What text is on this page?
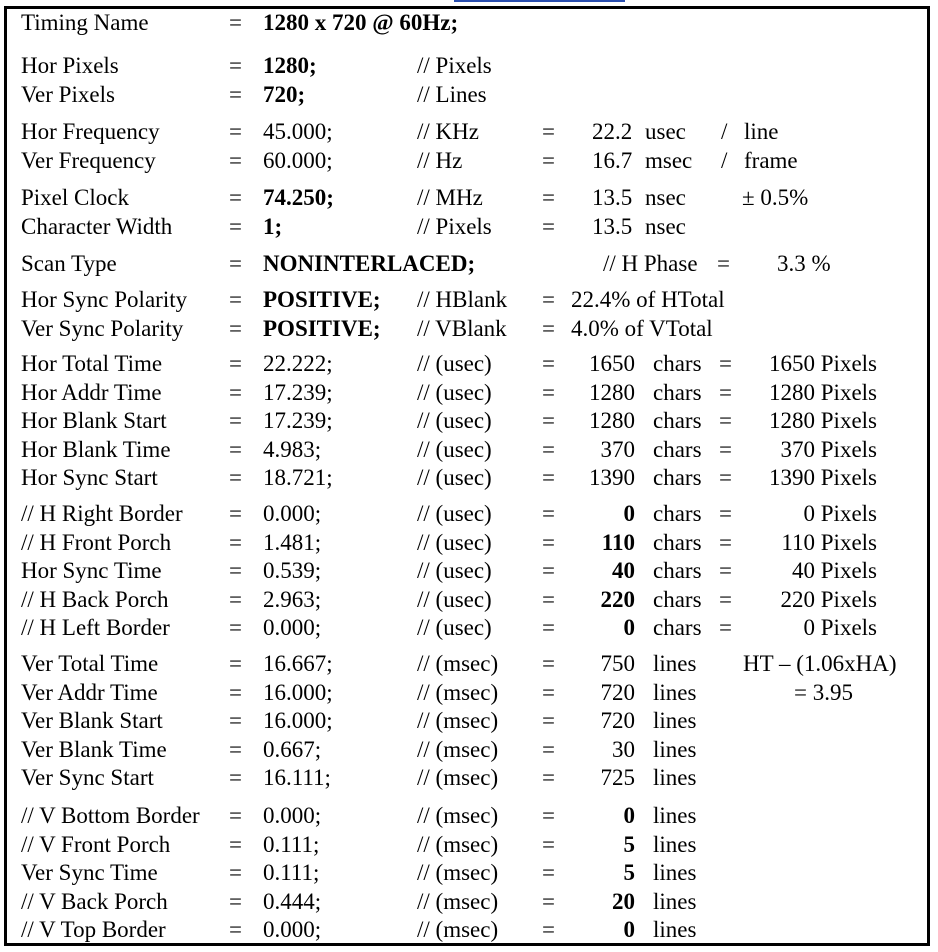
Timing Name	= 1280 x 720 @ 60Hz;
Hor Pixels	= 1280;	// Pixels
Ver Pixels	= 720;	// Lines
Hor Frequency	= 45.000;	// KHz	= 22.2 usec / line
Ver Frequency	= 60.000;	// Hz	= 16.7 msec / frame
Pixel Clock	= 74.250;	// MHz	= 13.5 nsec ± 0.5%
Character Width = 1;	// Pixels = 13.5 nsec
Scan Type	= NONINTERLACED;	// H Phase = 3.3 %
Hor Sync Polarity = POSITIVE; // HBlank = 22.4% of HTotal
Ver Sync Polarity = POSITIVE; // VBlank = 4.0% of VTotal
Hor Total Time	= 22.222;	// (usec) =	1650 chars =	1650 Pixels
Hor Addr Time	= 17.239;	// (usec) =	1280 chars =	1280 Pixels
Hor Blank Start	= 17.239;	// (usec) =	1280 chars =	1280 Pixels
Hor Blank Time	= 4.983;	// (usec) =	370 chars =	370 Pixels
Hor Sync Start	= 18.721;	// (usec) =	1390 chars =	1390 Pixels
// H Right Border = 0.000;	// (usec) =	0 chars =	0 Pixels
// H Front Porch	= 1.481;	// (usec) =	110 chars =	110 Pixels
Hor Sync Time	= 0.539;	// (usec) =	40 chars =	40 Pixels
// H Back Porch	= 2.963;	// (usec) =	220 chars =	220 Pixels
// H Left Border	= 0.000;	// (usec) =	0 chars =	0 Pixels
Ver Total Time	= 16.667;	// (msec) =	750 lines HT – (1.06xHA)
Ver Addr Time	= 16.000;	// (msec) =	720 lines	= 3.95
Ver Blank Start	= 16.000;	// (msec) =	720 lines
Ver Blank Time	= 0.667;	// (msec) =	30 lines
Ver Sync Start	= 16.111;	// (msec) =	725 lines
// V Bottom Border = 0.000;	// (msec) =	0 lines
// V Front Porch	= 0.111;	// (msec) =	5 lines
Ver Sync Time	= 0.111;	// (msec) =	5 lines
// V Back Porch	= 0.444;	// (msec) =	20 lines
// V Top Border	= 0.000;	// (msec) =	0 lines
